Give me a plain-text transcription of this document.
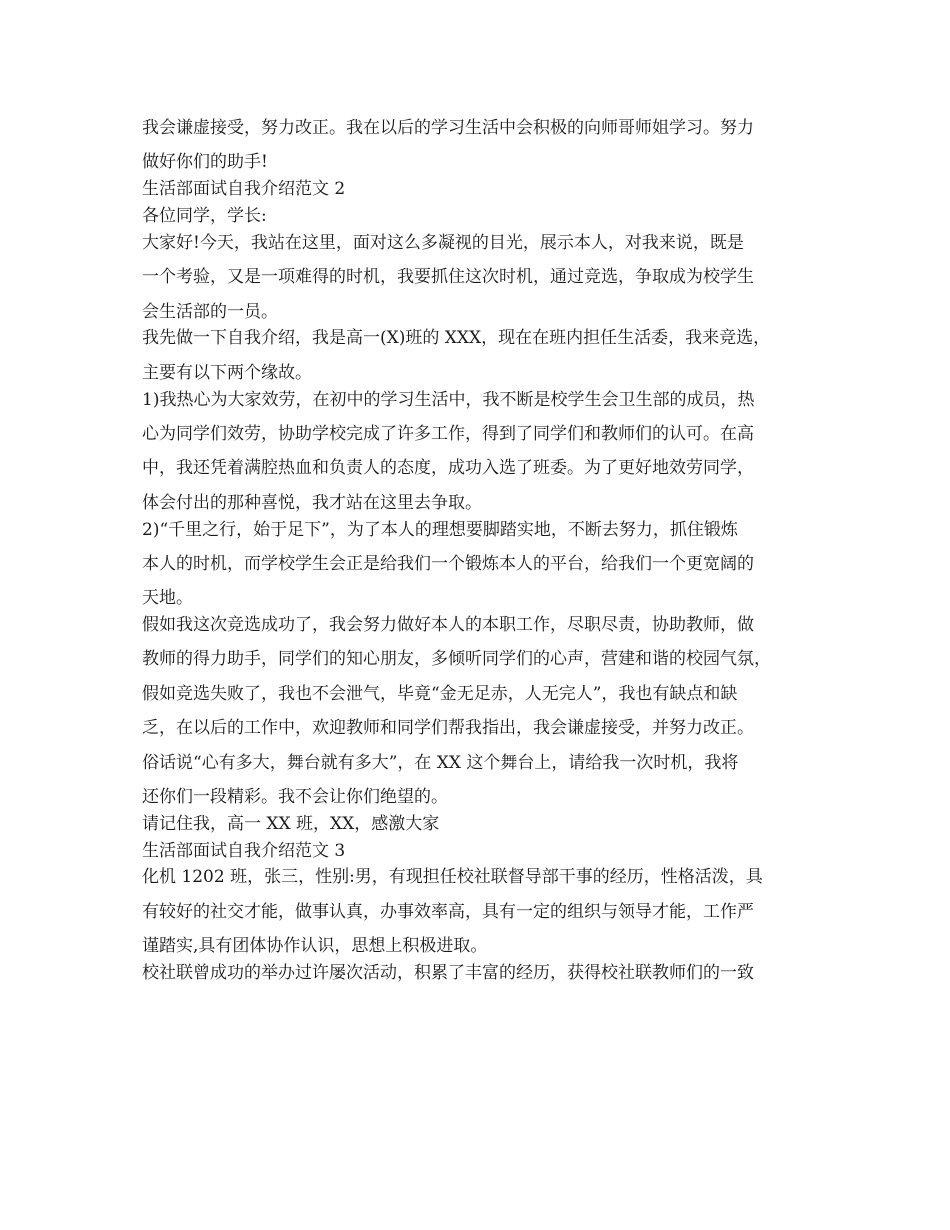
我会谦虚接受，努力改正。我在以后的学习生活中会积极的向师哥师姐学习。努力
做好你们的助手!
生活部面试自我介绍范文 2
各位同学，学长:
大家好!今天，我站在这里，面对这么多凝视的目光，展示本人，对我来说，既是
一个考验，又是一项难得的时机，我要抓住这次时机，通过竞选，争取成为校学生
会生活部的一员。
我先做一下自我介绍，我是高一(X)班的 XXX，现在在班内担任生活委，我来竞选，
主要有以下两个缘故。
1)我热心为大家效劳，在初中的学习生活中，我不断是校学生会卫生部的成员，热
心为同学们效劳，协助学校完成了许多工作，得到了同学们和教师们的认可。在高
中，我还凭着满腔热血和负责人的态度，成功入选了班委。为了更好地效劳同学，
体会付出的那种喜悦，我才站在这里去争取。
2)“千里之行，始于足下”，为了本人的理想要脚踏实地，不断去努力，抓住锻炼
本人的时机，而学校学生会正是给我们一个锻炼本人的平台，给我们一个更宽阔的
天地。
假如我这次竞选成功了，我会努力做好本人的本职工作，尽职尽责，协助教师，做
教师的得力助手，同学们的知心朋友，多倾听同学们的心声，营建和谐的校园气氛，
假如竞选失败了，我也不会泄气，毕竟“金无足赤，人无完人”，我也有缺点和缺
乏，在以后的工作中，欢迎教师和同学们帮我指出，我会谦虚接受，并努力改正。
俗话说“心有多大，舞台就有多大”，在 XX 这个舞台上，请给我一次时机，我将
还你们一段精彩。我不会让你们绝望的。
请记住我，高一 XX 班，XX，感激大家
生活部面试自我介绍范文 3
化机 1202 班，张三，性别:男，有现担任校社联督导部干事的经历，性格活泼，具
有较好的社交才能，做事认真，办事效率高，具有一定的组织与领导才能，工作严
谨踏实,具有团体协作认识，思想上积极进取。
校社联曾成功的举办过许屡次活动，积累了丰富的经历，获得校社联教师们的一致
